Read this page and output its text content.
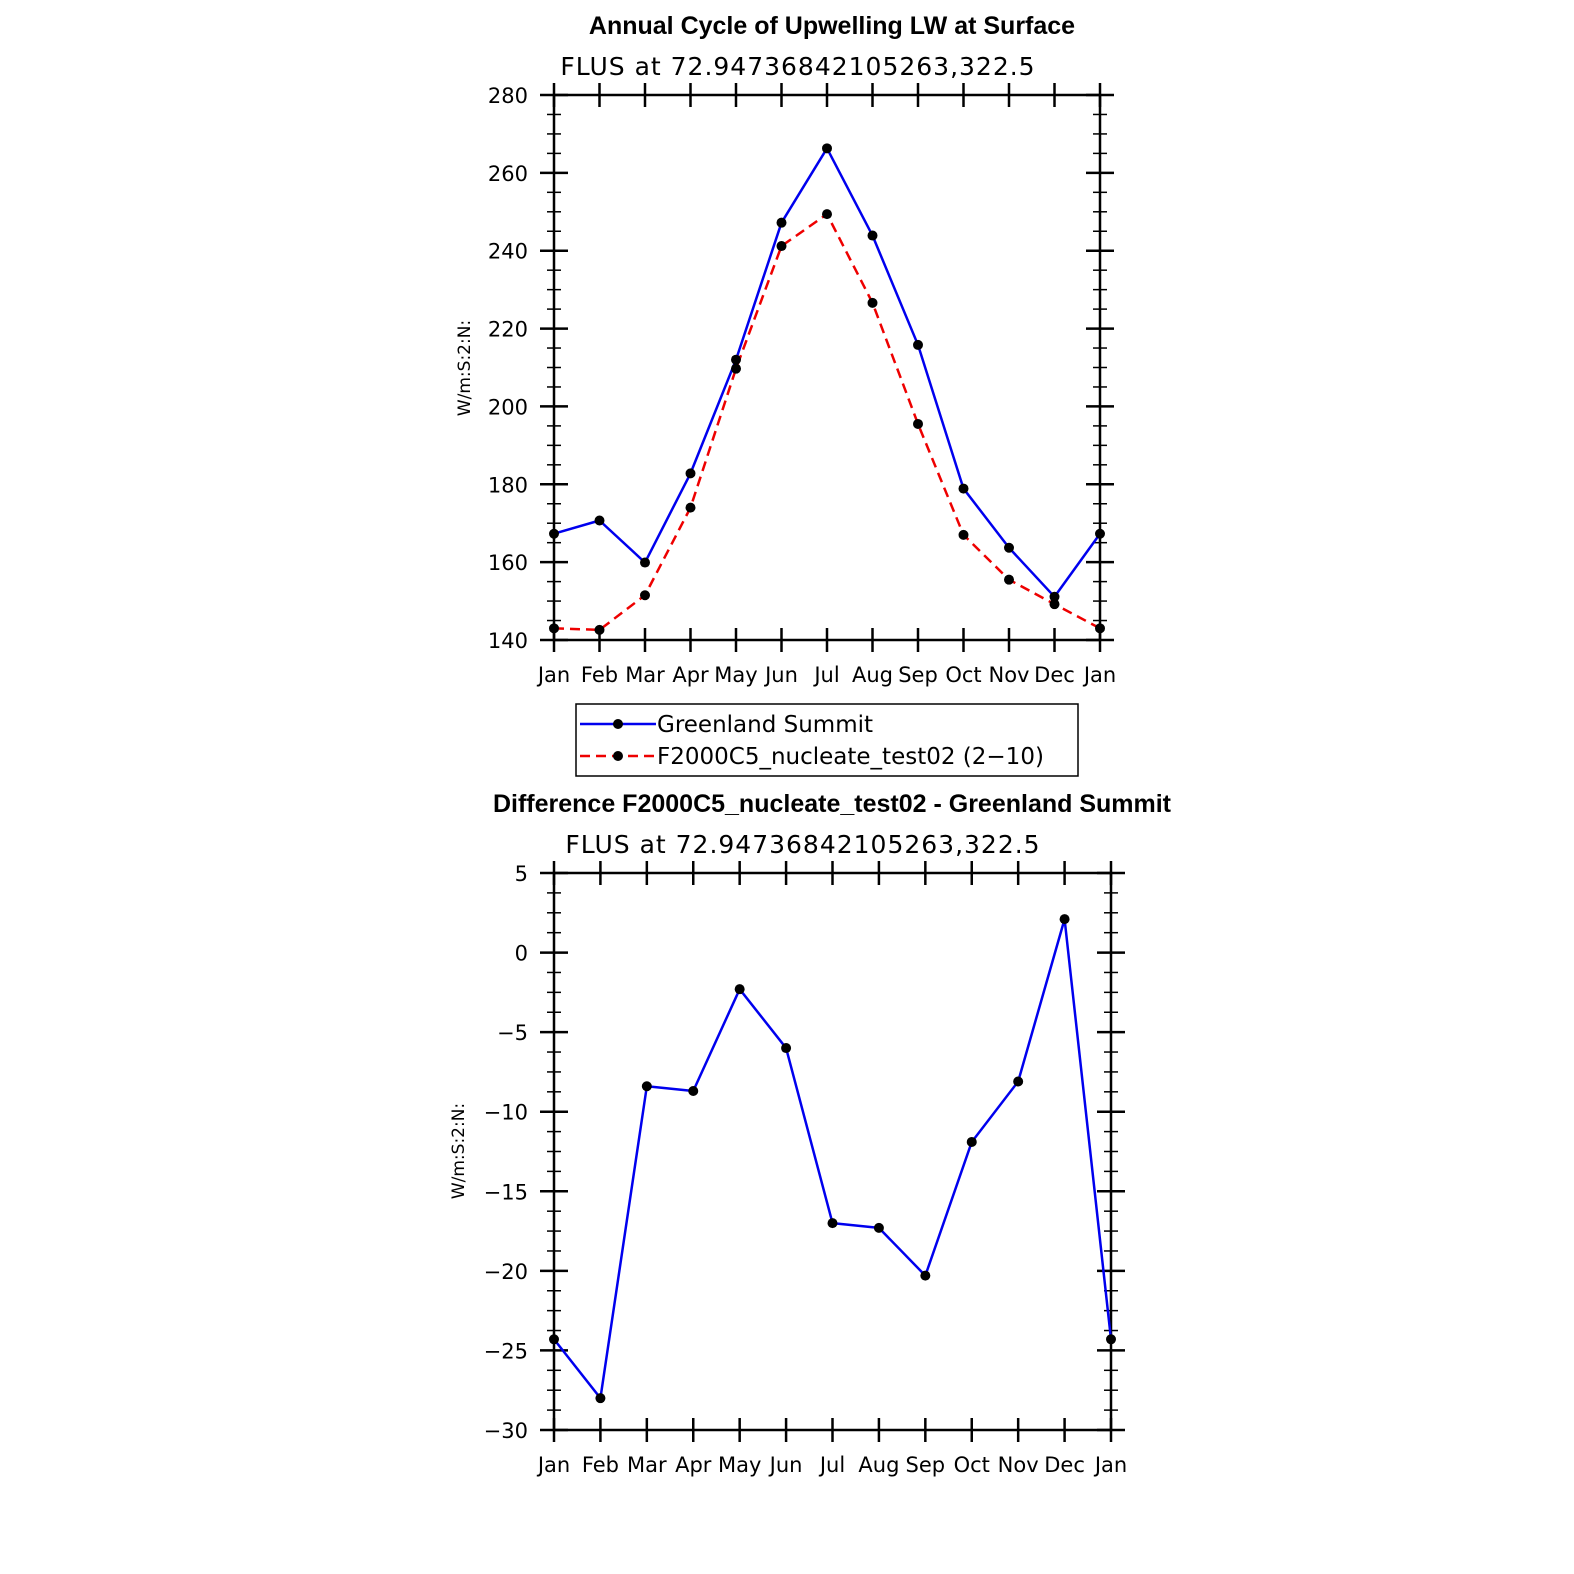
Annual Cycle of Upwelling LW at Surface
FLUS at 72.94736842105263,322.5
W/m:S:2:N:
140
160
180
200
220
240
260
280
Jan Feb Mar Apr May Jun Jul Aug Sep Oct Nov Dec Jan
Greenland Summit
F2000C5_nucleate_test02 (2−10)
Difference F2000C5_nucleate_test02 - Greenland Summit
FLUS at 72.94736842105263,322.5
W/m:S:2:N:
−30
−25
−20
−15
−10
−5
0
5
Jan Feb Mar Apr May Jun Jul Aug Sep Oct Nov Dec Jan
